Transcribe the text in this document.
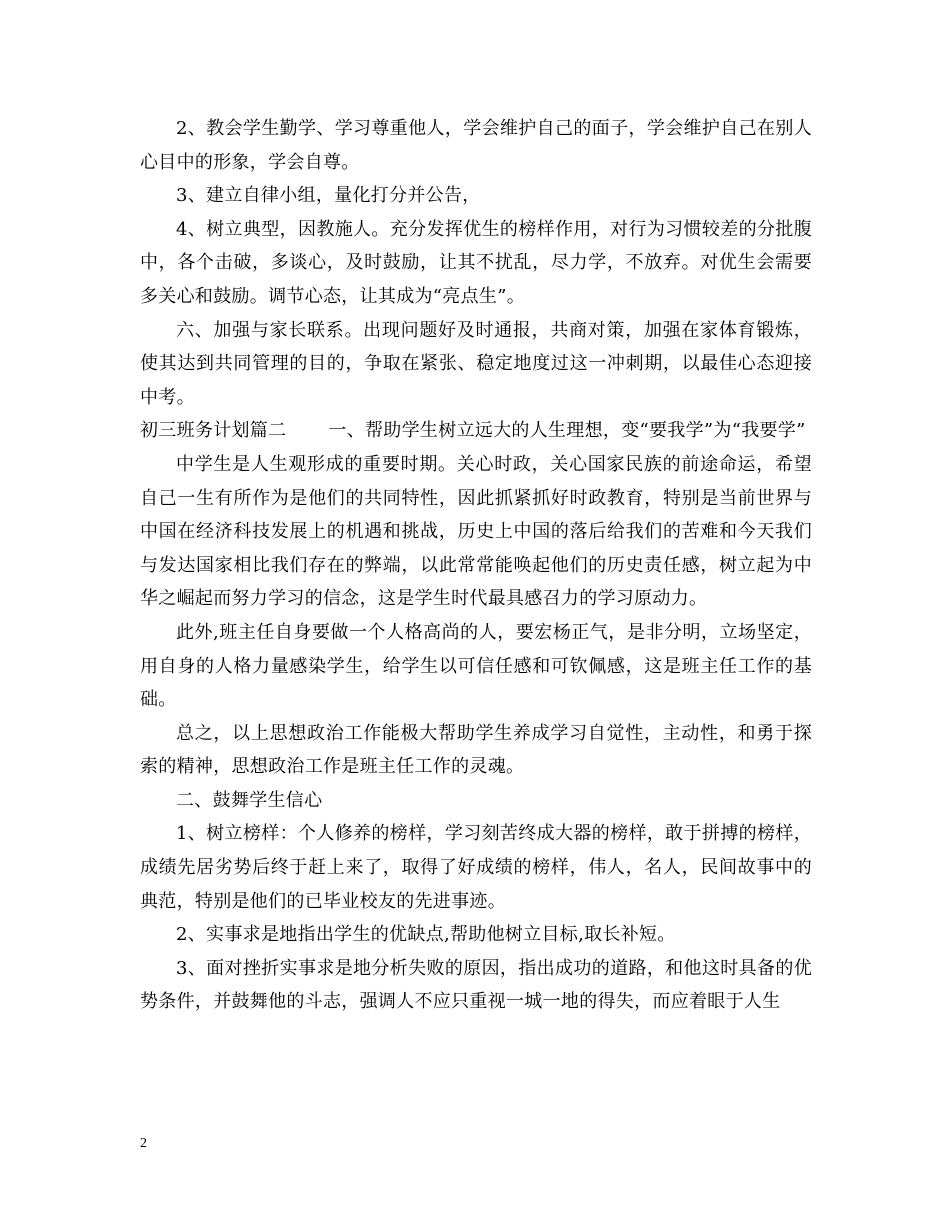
2、教会学生勤学、学习尊重他人，学会维护自己的面子，学会维护自己在别人心目中的形象，学会自尊。

3、建立自律小组，量化打分并公告，

4、树立典型，因教施人。充分发挥优生的榜样作用，对行为习惯较差的分批腹中，各个击破，多谈心，及时鼓励，让其不扰乱，尽力学，不放弃。对优生会需要多关心和鼓励。调节心态，让其成为“亮点生”。

六、加强与家长联系。出现问题好及时通报，共商对策，加强在家体育锻炼，使其达到共同管理的目的，争取在紧张、稳定地度过这一冲刺期，以最佳心态迎接中考。

初三班务计划篇二 一、帮助学生树立远大的人生理想，变“要我学”为“我要学”

中学生是人生观形成的重要时期。关心时政，关心国家民族的前途命运，希望自己一生有所作为是他们的共同特性，因此抓紧抓好时政教育，特别是当前世界与中国在经济科技发展上的机遇和挑战，历史上中国的落后给我们的苦难和今天我们与发达国家相比我们存在的弊端，以此常常能唤起他们的历史责任感，树立起为中华之崛起而努力学习的信念，这是学生时代最具感召力的学习原动力。

此外,班主任自身要做一个人格高尚的人，要宏杨正气，是非分明，立场坚定，用自身的人格力量感染学生，给学生以可信任感和可钦佩感，这是班主任工作的基础。

总之，以上思想政治工作能极大帮助学生养成学习自觉性，主动性，和勇于探索的精神，思想政治工作是班主任工作的灵魂。

二、鼓舞学生信心

1、树立榜样：个人修养的榜样，学习刻苦终成大器的榜样，敢于拼搏的榜样，成绩先居劣势后终于赶上来了，取得了好成绩的榜样，伟人，名人，民间故事中的典范，特别是他们的已毕业校友的先进事迹。

2、实事求是地指出学生的优缺点,帮助他树立目标,取长补短。

3、面对挫折实事求是地分析失败的原因，指出成功的道路，和他这时具备的优势条件，并鼓舞他的斗志，强调人不应只重视一城一地的得失，而应着眼于人生

2
